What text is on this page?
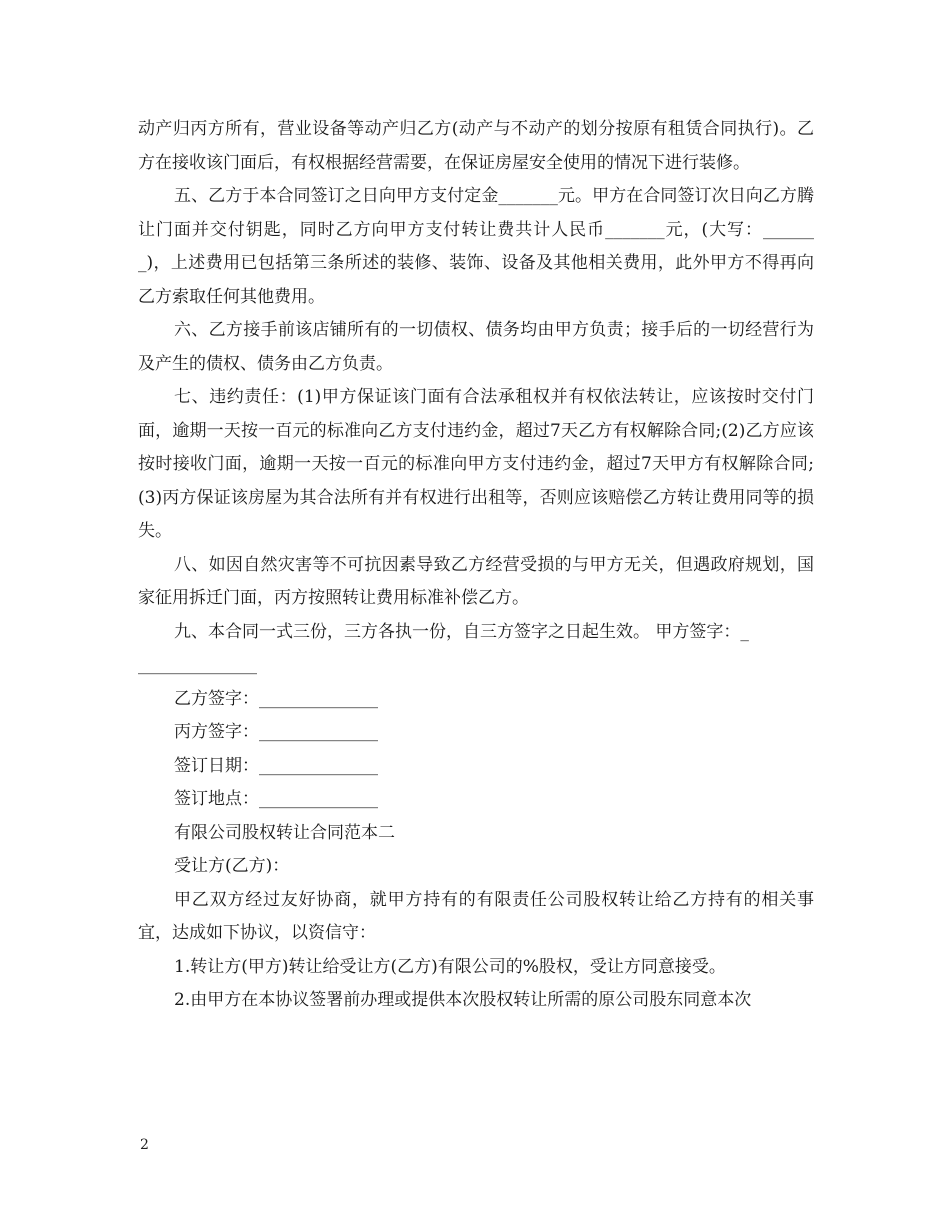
动产归丙方所有，营业设备等动产归乙方(动产与不动产的划分按原有租赁合同执行)。乙方在接收该门面后，有权根据经营需要，在保证房屋安全使用的情况下进行装修。

五、乙方于本合同签订之日向甲方支付定金_______元。甲方在合同签订次日向乙方腾让门面并交付钥匙，同时乙方向甲方支付转让费共计人民币_______元，(大写：_______)，上述费用已包括第三条所述的装修、装饰、设备及其他相关费用，此外甲方不得再向乙方索取任何其他费用。

六、乙方接手前该店铺所有的一切债权、债务均由甲方负责；接手后的一切经营行为及产生的债权、债务由乙方负责。

七、违约责任：(1)甲方保证该门面有合法承租权并有权依法转让，应该按时交付门面，逾期一天按一百元的标准向乙方支付违约金，超过7天乙方有权解除合同;(2)乙方应该按时接收门面，逾期一天按一百元的标准向甲方支付违约金，超过7天甲方有权解除合同;(3)丙方保证该房屋为其合法所有并有权进行出租等，否则应该赔偿乙方转让费用同等的损失。

八、如因自然灾害等不可抗因素导致乙方经营受损的与甲方无关，但遇政府规划，国家征用拆迁门面，丙方按照转让费用标准补偿乙方。

九、本合同一式三份，三方各执一份，自三方签字之日起生效。 甲方签字：_

______________

乙方签字：______________

丙方签字：______________

签订日期：______________

签订地点：______________

有限公司股权转让合同范本二

受让方(乙方)：

甲乙双方经过友好协商，就甲方持有的有限责任公司股权转让给乙方持有的相关事宜，达成如下协议，以资信守：

1.转让方(甲方)转让给受让方(乙方)有限公司的%股权，受让方同意接受。

2.由甲方在本协议签署前办理或提供本次股权转让所需的原公司股东同意本次

2
